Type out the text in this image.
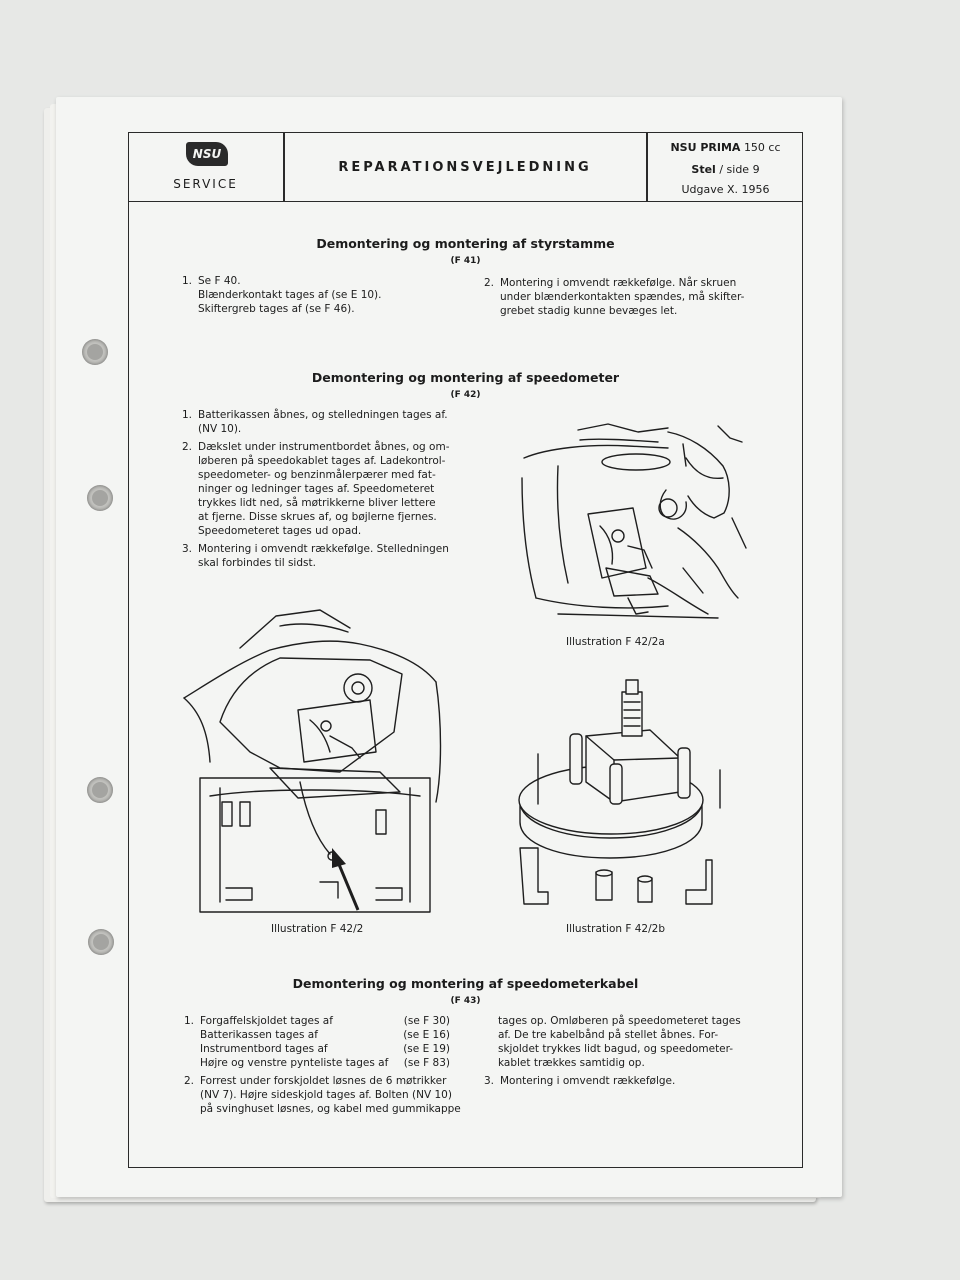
NSU
SERVICE
REPARATIONSVEJLEDNING
NSU PRIMA 150 cc
Stel / side 9
Udgave X. 1956
Demontering og montering af styrstamme
(F 41)
1. Se F 40.
Blænderkontakt tages af (se E 10).
Skiftergreb tages af (se F 46).
2. Montering i omvendt rækkefølge. Når skruen
under blænderkontakten spændes, må skifter-
grebet stadig kunne bevæges let.
Demontering og montering af speedometer
(F 42)
1. Batterikassen åbnes, og stelledningen tages af.
(NV 10).
2. Dækslet under instrumentbordet åbnes, og om-
løberen på speedokablet tages af. Ladekontrol-
speedometer- og benzinmålerpærer med fat-
ninger og ledninger tages af. Speedometeret
trykkes lidt ned, så møtrikkerne bliver lettere
at fjerne. Disse skrues af, og bøjlerne fjernes.
Speedometeret tages ud opad.
3. Montering i omvendt rækkefølge. Stelledningen
skal forbindes til sidst.
Illustration F 42/2a
Illustration F 42/2	Illustration F 42/2b
Demontering og montering af speedometerkabel
(F 43)
1. Forgaffelskjoldet tages af	(se F 30)
Batterikassen tages af	(se E 16)
Instrumentbord tages af	(se E 19)
Højre og venstre pynteliste tages af (se F 83)
2. Forrest under forskjoldet løsnes de 6 møtrikker
(NV 7). Højre sideskjold tages af. Bolten (NV 10)
på svinghuset løsnes, og kabel med gummikappe
tages op. Omløberen på speedometeret tages
af. De tre kabelbånd på stellet åbnes. For-
skjoldet trykkes lidt bagud, og speedometer-
kablet trækkes samtidig op.
3. Montering i omvendt rækkefølge.
